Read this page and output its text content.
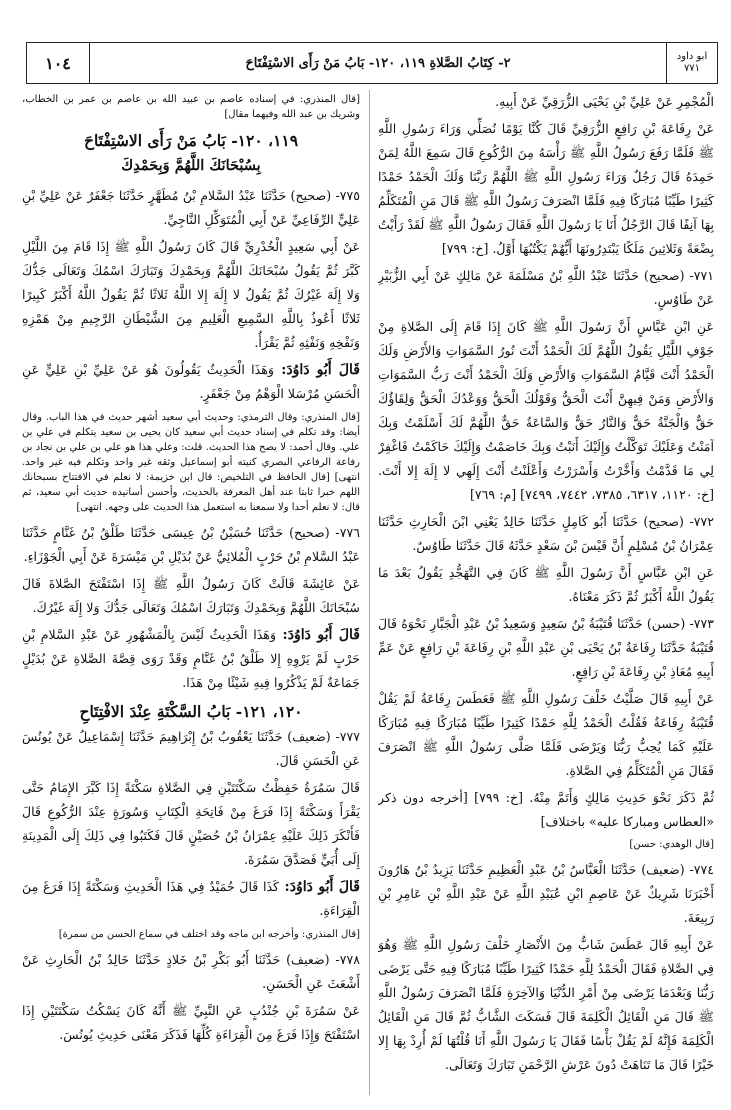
ابو داود
٧٧١
٢- كِتَابُ الصَّلاةِ ١١٩، ١٢٠- بَابُ مَنْ رَأَى الاسْتِفْتَاحَ
١٠٤
الْمُجْمِرِ عَنْ عَلِيِّ بْنِ يَحْيَى الزُّرَقِيِّ عَنْ أَبِيهِ.
عَنْ رِفَاعَةَ بْنِ رَافِعٍ الزُّرَقِيِّ قَالَ كُنَّا يَوْمًا نُصَلِّي وَرَاءَ رَسُولِ اللَّهِ ﷺ فَلَمَّا رَفَعَ رَسُولُ اللَّهِ ﷺ رَأْسَهُ مِنَ الرُّكُوعِ قَالَ سَمِعَ اللَّهُ لِمَنْ حَمِدَهُ قَالَ رَجُلٌ وَرَاءَ رَسُولِ اللَّهِ ﷺ اللَّهُمَّ رَبَّنَا وَلَكَ الْحَمْدُ حَمْدًا كَثِيرًا طَيِّبًا مُبَارَكًا فِيهِ فَلَمَّا انْصَرَفَ رَسُولُ اللَّهِ ﷺ قَالَ مَنِ الْمُتَكَلِّمُ بِهَا آنِفًا قَالَ الرَّجُلُ أَنَا يَا رَسُولَ اللَّهِ فَقَالَ رَسُولُ اللَّهِ ﷺ لَقَدْ رَأَيْتُ بِضْعَةً وَثَلاثِينَ مَلَكًا يَبْتَدِرُونَهَا أَيُّهُمْ يَكْتُبُهَا أَوَّلُ. [خ: ٧٩٩]
٧٧١- (صحيح) حَدَّثَنَا عَبْدُ اللَّهِ بْنُ مَسْلَمَةَ عَنْ مَالِكٍ عَنْ أَبِي الزُّبَيْرِ عَنْ طَاوُسٍ.
عَنِ ابْنِ عَبَّاسٍ أَنَّ رَسُولَ اللَّهِ ﷺ كَانَ إِذَا قَامَ إِلَى الصَّلاةِ مِنْ جَوْفِ اللَّيْلِ يَقُولُ اللَّهُمَّ لَكَ الْحَمْدُ أَنْتَ نُورُ السَّمَوَاتِ وَالأَرْضِ وَلَكَ الْحَمْدُ أَنْتَ قَيَّامُ السَّمَوَاتِ وَالأَرْضِ وَلَكَ الْحَمْدُ أَنْتَ رَبُّ السَّمَوَاتِ وَالأَرْضِ وَمَنْ فِيهِنَّ أَنْتَ الْحَقُّ وَقَوْلُكَ الْحَقُّ وَوَعْدُكَ الْحَقُّ وَلِقَاؤُكَ حَقٌّ وَالْجَنَّةُ حَقٌّ وَالنَّارُ حَقٌّ وَالسَّاعَةُ حَقٌّ اللَّهُمَّ لَكَ أَسْلَمْتُ وَبِكَ آمَنْتُ وَعَلَيْكَ تَوَكَّلْتُ وَإِلَيْكَ أَنَبْتُ وَبِكَ خَاصَمْتُ وَإِلَيْكَ حَاكَمْتُ فَاغْفِرْ لِي مَا قَدَّمْتُ وَأَخَّرْتُ وَأَسْرَرْتُ وَأَعْلَنْتُ أَنْتَ إِلَهِي لا إِلَهَ إِلا أَنْتَ. [خ: ١١٢٠، ٦٣١٧، ٧٣٨٥، ٧٤٤٢، ٧٤٩٩] [م: ٧٦٩]
٧٧٢- (صحيح) حَدَّثَنَا أَبُو كَامِلٍ حَدَّثَنَا خَالِدٌ يَعْنِي ابْنَ الْحَارِثِ حَدَّثَنَا عِمْرَانُ بْنُ مُسْلِمٍ أَنَّ قَيْسَ بْنَ سَعْدٍ حَدَّثَهُ قَالَ حَدَّثَنَا طَاوُسٌ.
عَنِ ابْنِ عَبَّاسٍ أَنَّ رَسُولَ اللَّهِ ﷺ كَانَ فِي التَّهَجُّدِ يَقُولُ بَعْدَ مَا يَقُولُ اللَّهُ أَكْبَرُ ثُمَّ ذَكَرَ مَعْنَاهُ.
٧٧٣- (حسن) حَدَّثَنَا قُتَيْبَةُ بْنُ سَعِيدٍ وَسَعِيدُ بْنُ عَبْدِ الْجَبَّارِ نَحْوَهُ قَالَ قُتَيْبَةُ حَدَّثَنَا رِفَاعَةُ بْنُ يَحْيَى بْنِ عَبْدِ اللَّهِ بْنِ رِفَاعَةَ بْنِ رَافِعٍ عَنْ عَمِّ أَبِيهِ مُعَاذِ بْنِ رِفَاعَةَ بْنِ رَافِعٍ.
عَنْ أَبِيهِ قَالَ صَلَّيْتُ خَلْفَ رَسُولِ اللَّهِ ﷺ فَعَطَسَ رِفَاعَةُ لَمْ يَقُلْ قُتَيْبَةُ رِفَاعَةُ فَقُلْتُ الْحَمْدُ لِلَّهِ حَمْدًا كَثِيرًا طَيِّبًا مُبَارَكًا فِيهِ مُبَارَكًا عَلَيْهِ كَمَا يُحِبُّ رَبُّنَا وَيَرْضَى فَلَمَّا صَلَّى رَسُولُ اللَّهِ ﷺ انْصَرَفَ فَقَالَ مَنِ الْمُتَكَلِّمُ فِي الصَّلاةِ.
ثُمَّ ذَكَرَ نَحْوَ حَدِيثِ مَالِكٍ وَأَتَمَّ مِنْهُ. [خ: ٧٩٩] [أخرجه دون ذكر «العطاس ومباركا عليه» باختلاف]
[قال الوهدي: حسن]
٧٧٤- (ضعيف) حَدَّثَنَا الْعَبَّاسُ بْنُ عَبْدِ الْعَظِيمِ حَدَّثَنَا يَزِيدُ بْنُ هَارُونَ أَخْبَرَنَا شَرِيكٌ عَنْ عَاصِمِ ابْنِ عُبَيْدِ اللَّهِ عَنْ عَبْدِ اللَّهِ بْنِ عَامِرِ بْنِ رَبِيعَةَ.
عَنْ أَبِيهِ قَالَ عَطَسَ شَابٌّ مِنَ الأَنْصَارِ خَلْفَ رَسُولِ اللَّهِ ﷺ وَهُوَ فِي الصَّلاةِ فَقَالَ الْحَمْدُ لِلَّهِ حَمْدًا كَثِيرًا طَيِّبًا مُبَارَكًا فِيهِ حَتَّى يَرْضَى رَبُّنَا وَبَعْدَمَا يَرْضَى مِنْ أَمْرِ الدُّنْيَا وَالآخِرَةِ فَلَمَّا انْصَرَفَ رَسُولُ اللَّهِ ﷺ قَالَ مَنِ الْقَائِلُ الْكَلِمَةَ قَالَ فَسَكَتَ الشَّابُّ ثُمَّ قَالَ مَنِ الْقَائِلُ الْكَلِمَةَ فَإِنَّهُ لَمْ يَقُلْ بَأْسًا فَقَالَ يَا رَسُولَ اللَّهِ أَنَا قُلْتُهَا لَمْ أُرِدْ بِهَا إِلا خَيْرًا قَالَ مَا تَنَاهَتْ دُونَ عَرْشِ الرَّحْمَنِ تَبَارَكَ وَتَعَالَى.
[قال المنذري: في إسناده عاصم بن عبيد الله بن عاصم بن عمر بن الخطاب، وشريك بن عبد الله وفيهما مقال]
١١٩، ١٢٠- بَابُ مَنْ رَأَى الاسْتِفْتَاحَ
بِسُبْحَانَكَ اللَّهُمَّ وَبِحَمْدِكَ
٧٧٥- (صحيح) حَدَّثَنَا عَبْدُ السَّلامِ بْنُ مُطَهَّرٍ حَدَّثَنَا جَعْفَرٌ عَنْ عَلِيِّ بْنِ عَلِيٍّ الرِّفَاعِيِّ عَنْ أَبِي الْمُتَوَكِّلِ النَّاجِيِّ.
عَنْ أَبِي سَعِيدٍ الْخُدْرِيِّ قَالَ كَانَ رَسُولُ اللَّهِ ﷺ إِذَا قَامَ مِنَ اللَّيْلِ كَبَّرَ ثُمَّ يَقُولُ سُبْحَانَكَ اللَّهُمَّ وَبِحَمْدِكَ وَتَبَارَكَ اسْمُكَ وَتَعَالَى جَدُّكَ وَلا إِلَهَ غَيْرُكَ ثُمَّ يَقُولُ لا إِلَهَ إِلا اللَّهُ ثَلاثًا ثُمَّ يَقُولُ اللَّهُ أَكْبَرُ كَبِيرًا ثَلاثًا أَعُوذُ بِاللَّهِ السَّمِيعِ الْعَلِيمِ مِنَ الشَّيْطَانِ الرَّجِيمِ مِنْ هَمْزِهِ وَنَفْخِهِ وَنَفْثِهِ ثُمَّ يَقْرَأُ.
قَالَ أَبُو دَاوُدَ: وَهَذَا الْحَدِيثُ يَقُولُونَ هُوَ عَنْ عَلِيِّ بْنِ عَلِيٍّ عَنِ الْحَسَنِ مُرْسَلا الْوَهْمُ مِنْ جَعْفَرٍ.
[قال المنذري: وقال الترمذي: وحديث أبي سعيد أشهر حديث في هذا الباب. وقال أيضا: وقد تكلم في إسناد حديث أبي سعيد كان يحيى بن سعيد يتكلم في علي بن علي. وقال أحمد: لا يصح هذا الحديث. قلت: وعلي هذا هو علي بن علي بن نجاد بن رفاعة الرفاعي البصري كنيته أبو إسماعيل وثقه غير واحد وتكلم فيه غير واحد. انتهى] [قال الحافظ في التلخيص: قال ابن خزيمة: لا نعلم في الافتتاح بسبحانك اللهم خبرا ثابتا عند أهل المعرفة بالحديث، وأحسن أسانيده حديث أبي سعيد، ثم قال: لا نعلم أحدا ولا سمعنا به استعمل هذا الحديث على وجهه. انتهى]
٧٧٦- (صحيح) حَدَّثَنَا حُسَيْنُ بْنُ عِيسَى حَدَّثَنَا طَلْقُ بْنُ غَنَّامٍ حَدَّثَنَا عَبْدُ السَّلامِ بْنُ حَرْبٍ الْمُلائِيُّ عَنْ بُدَيْلِ بْنِ مَيْسَرَةَ عَنْ أَبِي الْجَوْزَاءِ.
عَنْ عَائِشَةَ قَالَتْ كَانَ رَسُولُ اللَّهِ ﷺ إِذَا اسْتَفْتَحَ الصَّلاةَ قَالَ سُبْحَانَكَ اللَّهُمَّ وَبِحَمْدِكَ وَتَبَارَكَ اسْمُكَ وَتَعَالَى جَدُّكَ وَلا إِلَهَ غَيْرُكَ.
قَالَ أَبُو دَاوُدَ: وَهَذَا الْحَدِيثُ لَيْسَ بِالْمَشْهُورِ عَنْ عَبْدِ السَّلامِ بْنِ حَرْبٍ لَمْ يَرْوِهِ إِلا طَلْقُ بْنُ غَنَّامٍ وَقَدْ رَوَى قِصَّةَ الصَّلاةِ عَنْ بُدَيْلٍ جَمَاعَةٌ لَمْ يَذْكُرُوا فِيهِ شَيْئًا مِنْ هَذَا.
١٢٠، ١٢١- بَابُ السَّكْتَةِ عِنْدَ الافْتِتَاحِ
٧٧٧- (ضعيف) حَدَّثَنَا يَعْقُوبُ بْنُ إِبْرَاهِيمَ حَدَّثَنَا إِسْمَاعِيلُ عَنْ يُونُسَ عَنِ الْحَسَنِ قَالَ.
قَالَ سَمُرَةُ حَفِظْتُ سَكْتَتَيْنِ فِي الصَّلاةِ سَكْتَةً إِذَا كَبَّرَ الإِمَامُ حَتَّى يَقْرَأَ وَسَكْتَةً إِذَا فَرَغَ مِنْ فَاتِحَةِ الْكِتَابِ وَسُورَةٍ عِنْدَ الرُّكُوعِ قَالَ فَأَنْكَرَ ذَلِكَ عَلَيْهِ عِمْرَانُ بْنُ حُصَيْنٍ قَالَ فَكَتَبُوا فِي ذَلِكَ إِلَى الْمَدِينَةِ إِلَى أُبَيٍّ فَصَدَّقَ سَمُرَةَ.
قَالَ أَبُو دَاوُدَ: كَذَا قَالَ حُمَيْدٌ فِي هَذَا الْحَدِيثِ وَسَكْتَةً إِذَا فَرَغَ مِنَ الْقِرَاءَةِ.
[قال المنذري: وأخرجه ابن ماجه وقد اختلف في سماع الحسن من سمرة]
٧٧٨- (ضعيف) حَدَّثَنَا أَبُو بَكْرِ بْنُ خَلادٍ حَدَّثَنَا خَالِدُ بْنُ الْحَارِثِ عَنْ أَشْعَثَ عَنِ الْحَسَنِ.
عَنْ سَمُرَةَ بْنِ جُنْدُبٍ عَنِ النَّبِيِّ ﷺ أَنَّهُ كَانَ يَسْكُتُ سَكْتَتَيْنِ إِذَا اسْتَفْتَحَ وَإِذَا فَرَغَ مِنَ الْقِرَاءَةِ كُلِّهَا فَذَكَرَ مَعْنَى حَدِيثِ يُونُسَ.
